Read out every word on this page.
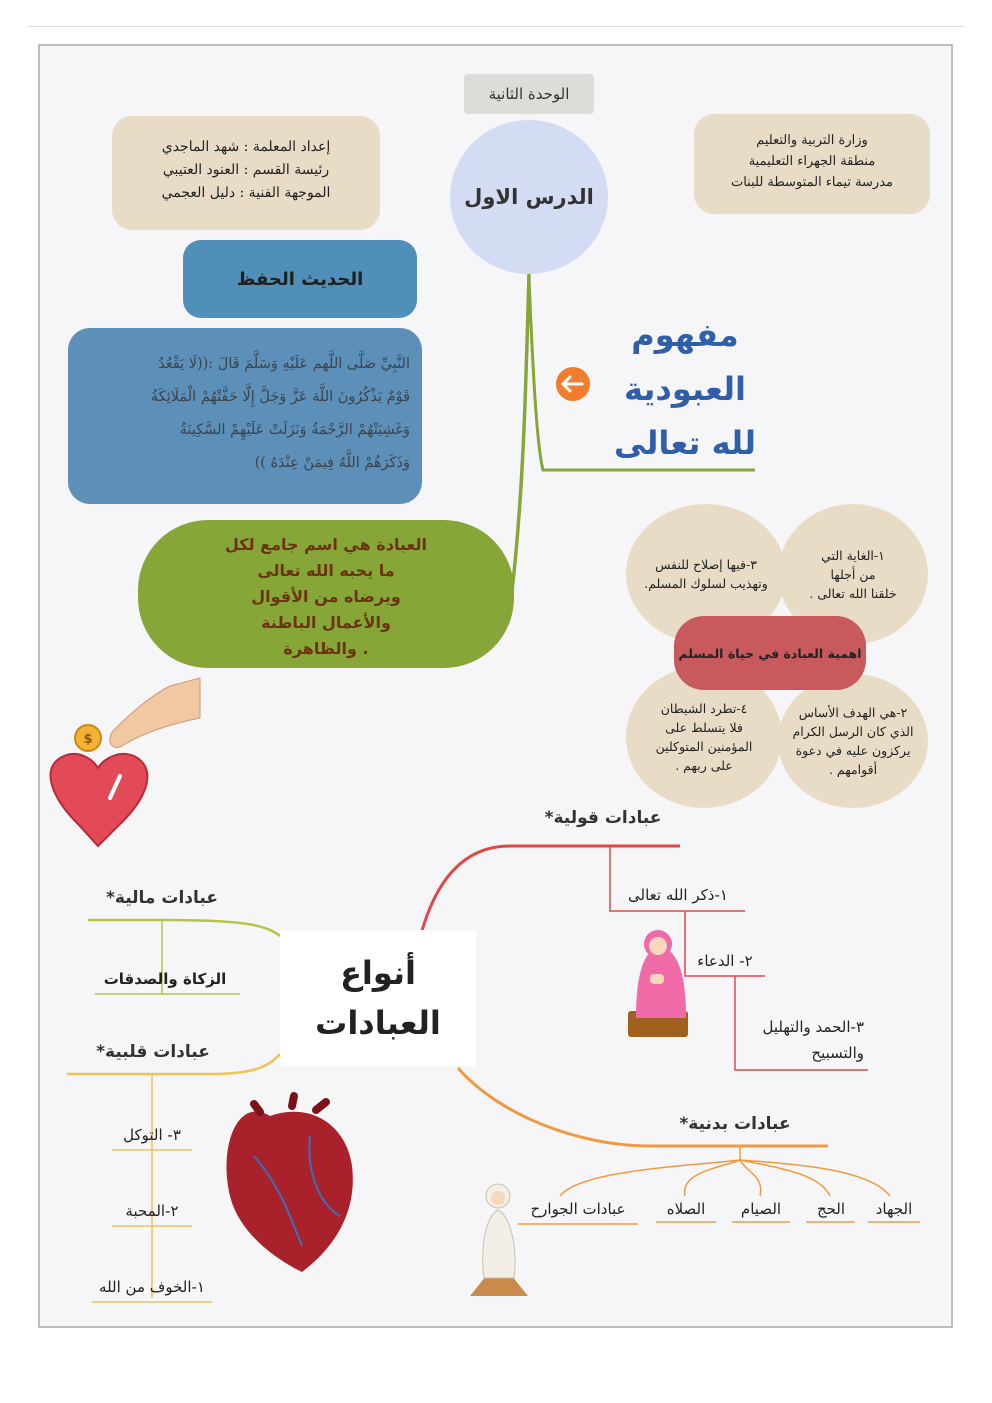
$
الوحدة الثانية
الدرس الاول
وزارة التربية والتعليم
منطقة الجهراء التعليمية
مدرسة تيماء المتوسطة للبنات
إعداد المعلمة : شهد الماجدي
رئيسة القسم : العنود العتيبي
الموجهة الفنية : دليل العجمي
الحديث الحفظ
النَّبِيِّ صَلَّى اللَّهم عَلَيْهِ وَسَلَّمَ قَالَ :((لَا يَقْعُدُ
قَوْمٌ يَذْكُرُونَ اللَّهَ عَزَّ وَجَلَّ إِلَّا حَفَّتْهُمْ الْمَلَائِكَةُ
وَغَشِيَتْهُمْ الرَّحْمَةُ وَنَزَلَتْ عَلَيْهِمْ السَّكِينَةُ
وَذَكَرَهُمْ اللَّهُ فِيمَنْ عِنْدَهُ ))
مفهوم
العبودية
لله تعالى
العبادة هي اسم جامع لكل
ما يحبه الله تعالى
ويرضاه من الأقوال
والأعمال الباطنة
. والظاهرة
١-الغاية التي
من أجلها
خلقنا الله تعالى .
٣-فيها إصلاح للنفس
وتهذيب لسلوك المسلم.
٢-هي الهدف الأساس
الذي كان الرسل الكرام
يركزون عليه في دعوة
أقوامهم .
٤-تطرد الشيطان
فلا يتسلط على
المؤمنين المتوكلين
على ربهم .
اهمية العبادة في حياة المسلم
أنواع
العبادات
عبادات قولية*
١-ذكر الله تعالى
٢- الدعاء
٣-الحمد والتهليل
والتسبيح
عبادات مالية*
الزكاة والصدقات
عبادات قلبية*
٣- التوكل
٢-المحبة
١-الخوف من الله
عبادات بدنية*
الجهاد
الحج
الصيام
الصلاه
عبادات الجوارح
